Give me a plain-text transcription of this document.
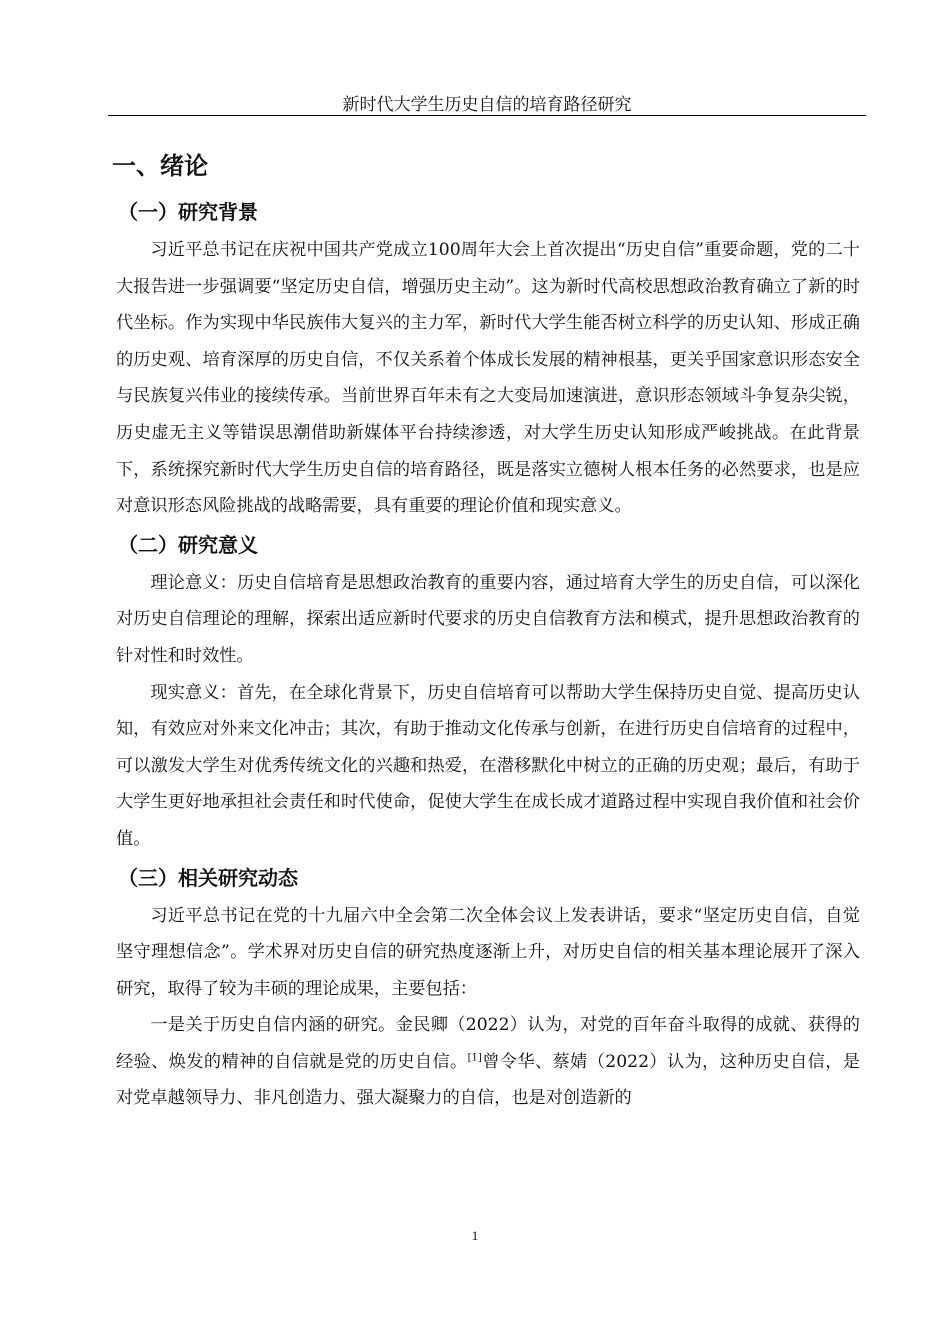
新时代大学生历史自信的培育路径研究
一、绪论
（一）研究背景

习近平总书记在庆祝中国共产党成立100周年大会上首次提出“历史自信”重要命题，党的二十大报告进一步强调要“坚定历史自信，增强历史主动”。这为新时代高校思想政治教育确立了新的时代坐标。作为实现中华民族伟大复兴的主力军，新时代大学生能否树立科学的历史认知、形成正确的历史观、培育深厚的历史自信，不仅关系着个体成长发展的精神根基，更关乎国家意识形态安全与民族复兴伟业的接续传承。当前世界百年未有之大变局加速演进，意识形态领域斗争复杂尖锐，历史虚无主义等错误思潮借助新媒体平台持续渗透，对大学生历史认知形成严峻挑战。在此背景下，系统探究新时代大学生历史自信的培育路径，既是落实立德树人根本任务的必然要求，也是应对意识形态风险挑战的战略需要，具有重要的理论价值和现实意义。

（二）研究意义

理论意义：历史自信培育是思想政治教育的重要内容，通过培育大学生的历史自信，可以深化对历史自信理论的理解，探索出适应新时代要求的历史自信教育方法和模式，提升思想政治教育的针对性和时效性。

现实意义：首先，在全球化背景下，历史自信培育可以帮助大学生保持历史自觉、提高历史认知，有效应对外来文化冲击；其次，有助于推动文化传承与创新，在进行历史自信培育的过程中，可以激发大学生对优秀传统文化的兴趣和热爱，在潜移默化中树立的正确的历史观；最后，有助于大学生更好地承担社会责任和时代使命，促使大学生在成长成才道路过程中实现自我价值和社会价值。

（三）相关研究动态

习近平总书记在党的十九届六中全会第二次全体会议上发表讲话，要求“坚定历史自信，自觉坚守理想信念”。学术界对历史自信的研究热度逐渐上升，对历史自信的相关基本理论展开了深入研究，取得了较为丰硕的理论成果，主要包括：

一是关于历史自信内涵的研究。金民卿（2022）认为，对党的百年奋斗取得的成就、获得的经验、焕发的精神的自信就是党的历史自信。[1]曾令华、蔡婧（2022）认为，这种历史自信，是对党卓越领导力、非凡创造力、强大凝聚力的自信，也是对创造新的

1
